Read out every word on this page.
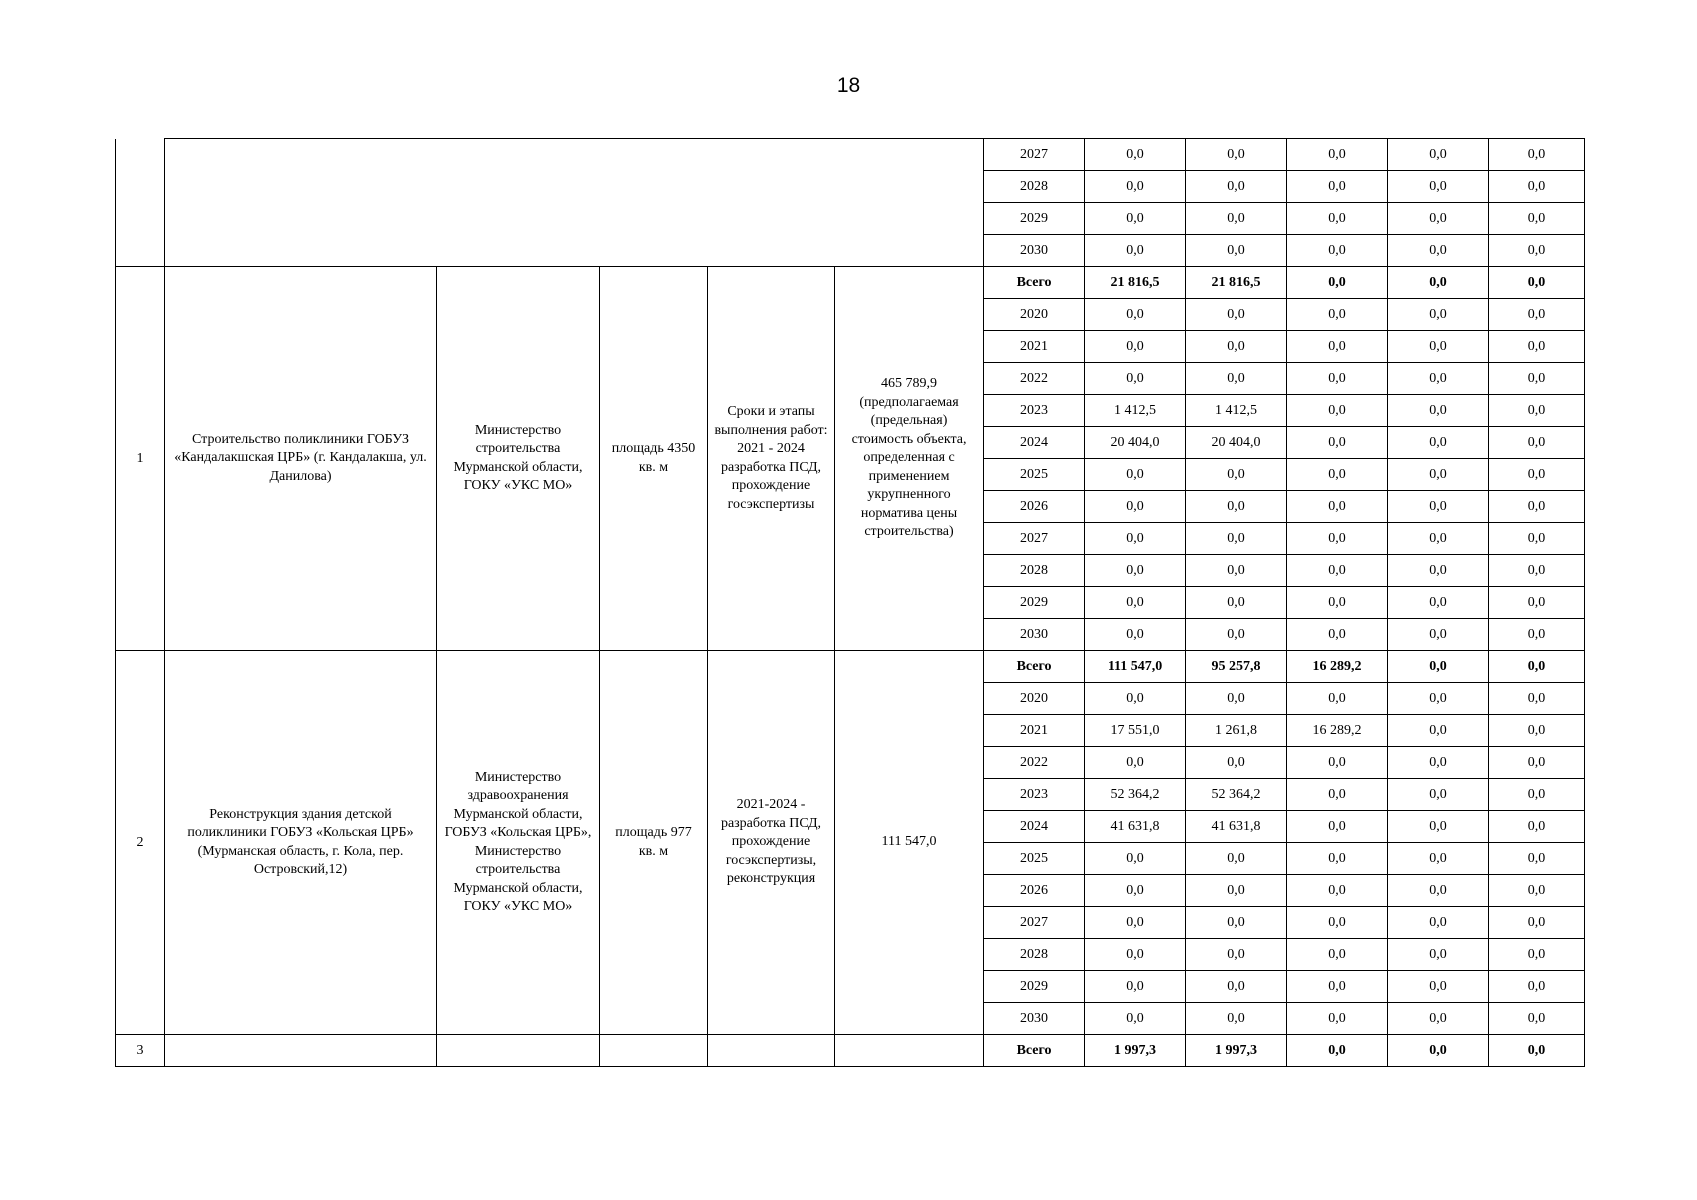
18
						2027	0,0	0,0	0,0	0,0	0,0
						2028	0,0	0,0	0,0	0,0	0,0
						2029	0,0	0,0	0,0	0,0	0,0
						2030	0,0	0,0	0,0	0,0	0,0
1	Строительство поликлиники ГОБУЗ «Кандалакшская ЦРБ» (г. Кандалакша, ул. Данилова)	Министерство строительства Мурманской области, ГОКУ «УКС МО»	площадь 4350 кв. м	Сроки и этапы выполнения работ: 2021 - 2024 разработка ПСД, прохождение госэкспертизы	465 789,9 (предполагаемая (предельная) стоимость объекта, определенная с применением укрупненного норматива цены строительства)	Всего	21 816,5	21 816,5	0,0	0,0	0,0
						2020	0,0	0,0	0,0	0,0	0,0
						2021	0,0	0,0	0,0	0,0	0,0
						2022	0,0	0,0	0,0	0,0	0,0
						2023	1 412,5	1 412,5	0,0	0,0	0,0
						2024	20 404,0	20 404,0	0,0	0,0	0,0
						2025	0,0	0,0	0,0	0,0	0,0
						2026	0,0	0,0	0,0	0,0	0,0
						2027	0,0	0,0	0,0	0,0	0,0
						2028	0,0	0,0	0,0	0,0	0,0
						2029	0,0	0,0	0,0	0,0	0,0
						2030	0,0	0,0	0,0	0,0	0,0
2	Реконструкция здания детской поликлиники ГОБУЗ «Кольская ЦРБ» (Мурманская область, г. Кола, пер. Островский,12)	Министерство здравоохранения Мурманской области, ГОБУЗ «Кольская ЦРБ», Министерство строительства Мурманской области, ГОКУ «УКС МО»	площадь 977 кв. м	2021-2024 - разработка ПСД, прохождение госэкспертизы, реконструкция	111 547,0	Всего	111 547,0	95 257,8	16 289,2	0,0	0,0
						2020	0,0	0,0	0,0	0,0	0,0
						2021	17 551,0	1 261,8	16 289,2	0,0	0,0
						2022	0,0	0,0	0,0	0,0	0,0
						2023	52 364,2	52 364,2	0,0	0,0	0,0
						2024	41 631,8	41 631,8	0,0	0,0	0,0
						2025	0,0	0,0	0,0	0,0	0,0
						2026	0,0	0,0	0,0	0,0	0,0
						2027	0,0	0,0	0,0	0,0	0,0
						2028	0,0	0,0	0,0	0,0	0,0
						2029	0,0	0,0	0,0	0,0	0,0
						2030	0,0	0,0	0,0	0,0	0,0
3						Всего	1 997,3	1 997,3	0,0	0,0	0,0
